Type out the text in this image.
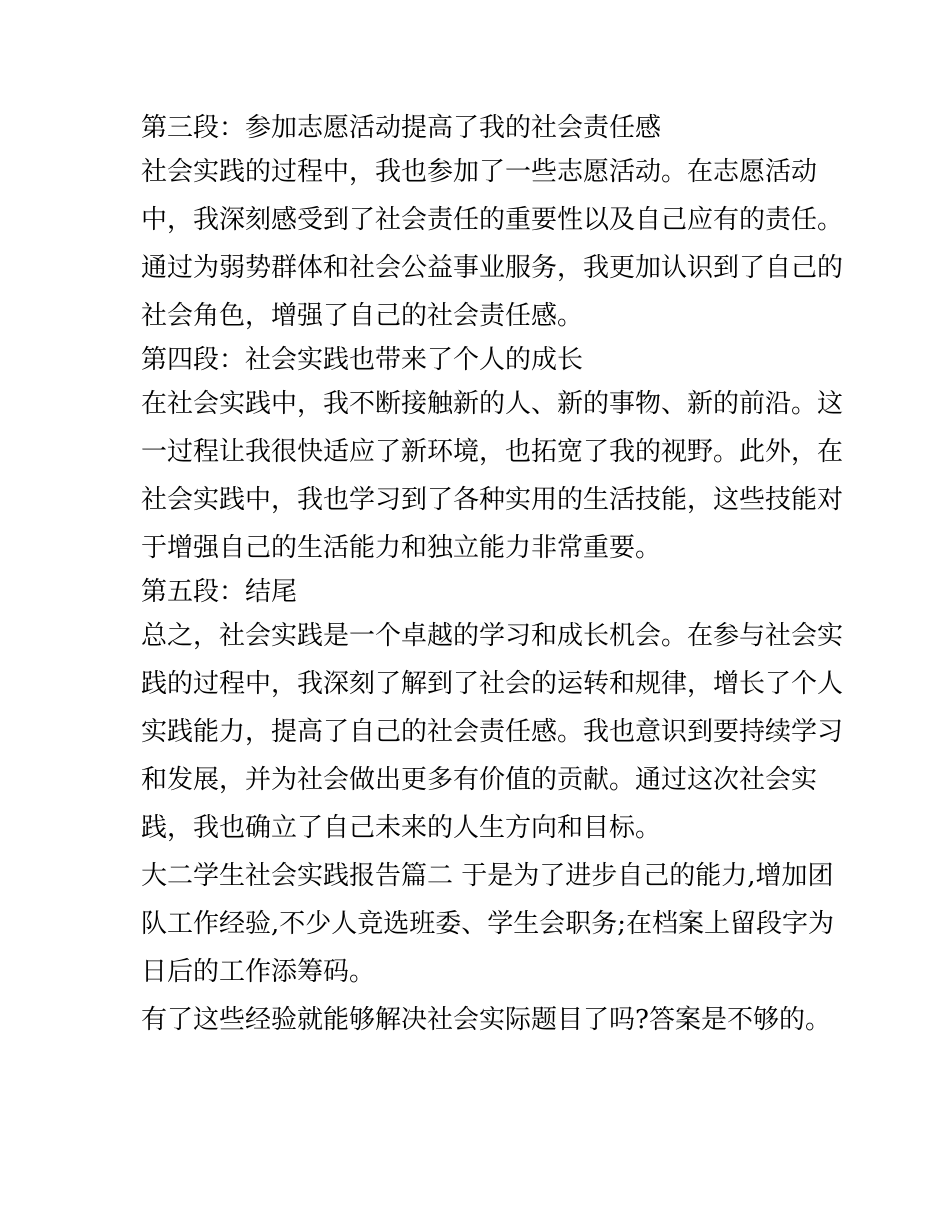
第三段：参加志愿活动提高了我的社会责任感

社会实践的过程中，我也参加了一些志愿活动。在志愿活动

中，我深刻感受到了社会责任的重要性以及自己应有的责任。

通过为弱势群体和社会公益事业服务，我更加认识到了自己的

社会角色，增强了自己的社会责任感。

第四段：社会实践也带来了个人的成长

在社会实践中，我不断接触新的人、新的事物、新的前沿。这

一过程让我很快适应了新环境，也拓宽了我的视野。此外，在

社会实践中，我也学习到了各种实用的生活技能，这些技能对

于增强自己的生活能力和独立能力非常重要。

第五段：结尾

总之，社会实践是一个卓越的学习和成长机会。在参与社会实

践的过程中，我深刻了解到了社会的运转和规律，增长了个人

实践能力，提高了自己的社会责任感。我也意识到要持续学习

和发展，并为社会做出更多有价值的贡献。通过这次社会实

践，我也确立了自己未来的人生方向和目标。

大二学生社会实践报告篇二 于是为了进步自己的能力,增加团

队工作经验,不少人竞选班委、学生会职务;在档案上留段字为

日后的工作添筹码。

有了这些经验就能够解决社会实际题目了吗?答案是不够的。
